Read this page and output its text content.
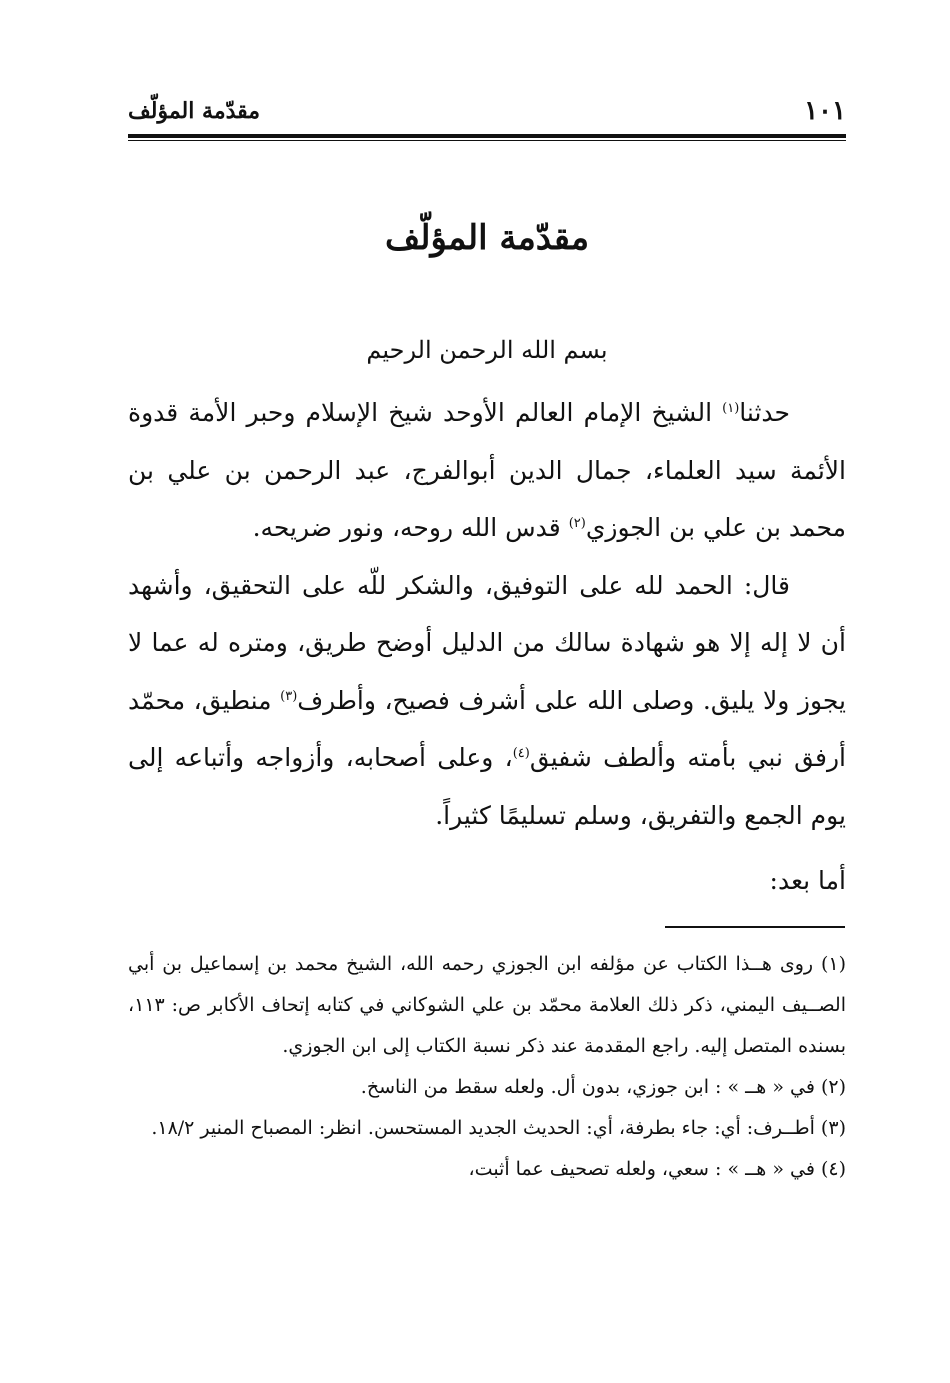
١٠١
مقدّمة المؤلّف
مقدّمة المؤلّف
بسم الله الرحمن الرحيم

حدثنا$^{(١)}$ الشيخ الإمام العالم الأوحد شيخ الإسلام وحبر الأمة قدوة الأئمة سيد العلماء، جمال الدين أبوالفرج، عبد الرحمن بن علي بن محمد بن علي بن الجوزي$^{(٢)}$ قدس الله روحه، ونور ضريحه.

قال: الحمد لله على التوفيق، والشكر للّه على التحقيق، وأشهد أن لا إله إلا هو شهادة سالك من الدليل أوضح طريق، ومتره له عما لا يجوز ولا يليق. وصلى الله على أشرف فصيح، وأطرف$^{(٣)}$ منطيق، محمّد أرفق نبي بأمته وألطف شفيق$^{(٤)}$، وعلى أصحابه، وأزواجه وأتباعه إلى يوم الجمع والتفريق، وسلم تسليمًا كثيراً.

أما بعد:

(١) روى هــذا الكتاب عن مؤلفه ابن الجوزي رحمه الله، الشيخ محمد بن إسماعيل بن أبي الصــيف اليمني، ذكر ذلك العلامة محمّد بن علي الشوكاني في كتابه إتحاف الأكابر ص: ١١٣، بسنده المتصل إليه. راجع المقدمة عند ذكر نسبة الكتاب إلى ابن الجوزي.

(٢) في « هــ » : ابن جوزي، بدون أل. ولعله سقط من الناسخ.

(٣) أطــرف: أي: جاء بطرفة، أي: الحديث الجديد المستحسن. انظر: المصباح المنير ١٨/٢.

(٤) في « هــ » : سعي، ولعله تصحيف عما أثبت،
